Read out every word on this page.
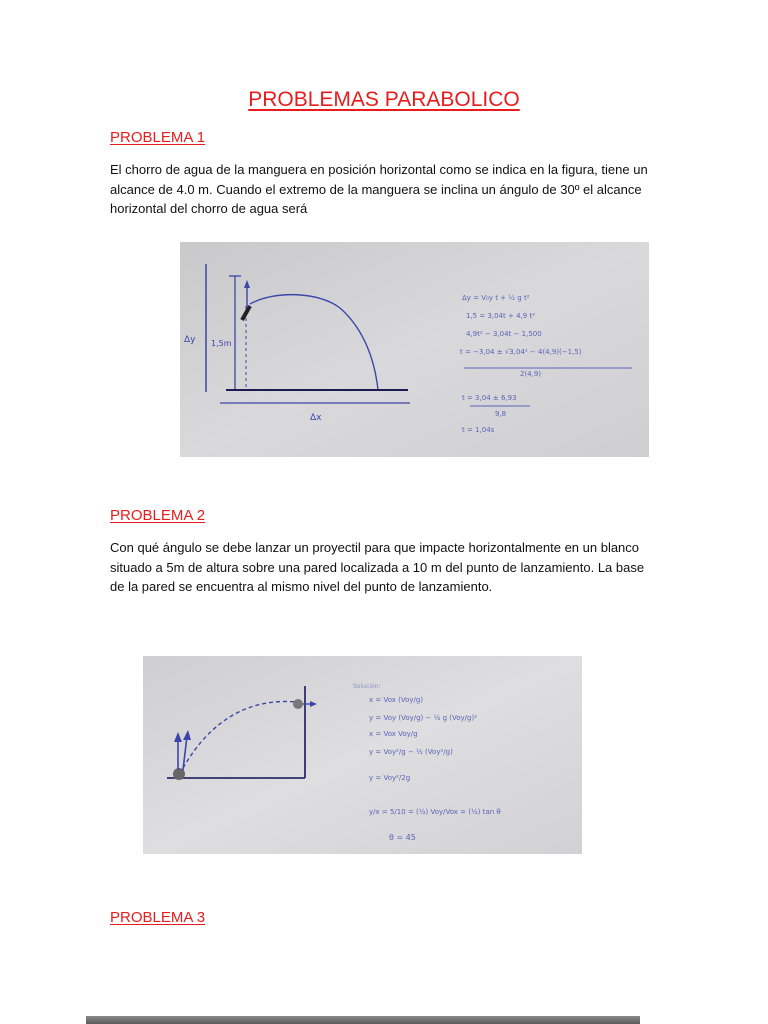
PROBLEMAS PARABOLICO
PROBLEMA 1

El chorro de agua de la manguera en posición horizontal como se indica en la figura, tiene un alcance de 4.0 m. Cuando el extremo de la manguera se inclina un ángulo de 30º el alcance horizontal del chorro de agua será

Δy 1,5m
Δx
Δy = V₀y t + ½ g t²
1,5 = 3,04t + 4,9 t²
4,9t² − 3,04t − 1,500
t = −3,04 ± √3,04² − 4(4,9)(−1,5)
2(4,9)
t = 3,04 ± 6,93
9,8
t = 1,04s
PROBLEMA 2

Con qué ángulo se debe lanzar un proyectil para que impacte horizontalmente en un blanco situado a 5m de altura sobre una pared localizada a 10 m del punto de lanzamiento. La base de la pared se encuentra al mismo nivel del punto de lanzamiento.

Solución:
x = Vox (Voy/g)
y = Voy (Voy/g) − ½ g (Voy/g)²
x = Vox Voy/g
y = Voy²/g − ½ (Voy²/g)
y = Voy²/2g
y/x = 5/10 = (½) Voy/Vox = (½) tan θ
θ = 45
PROBLEMA 3
